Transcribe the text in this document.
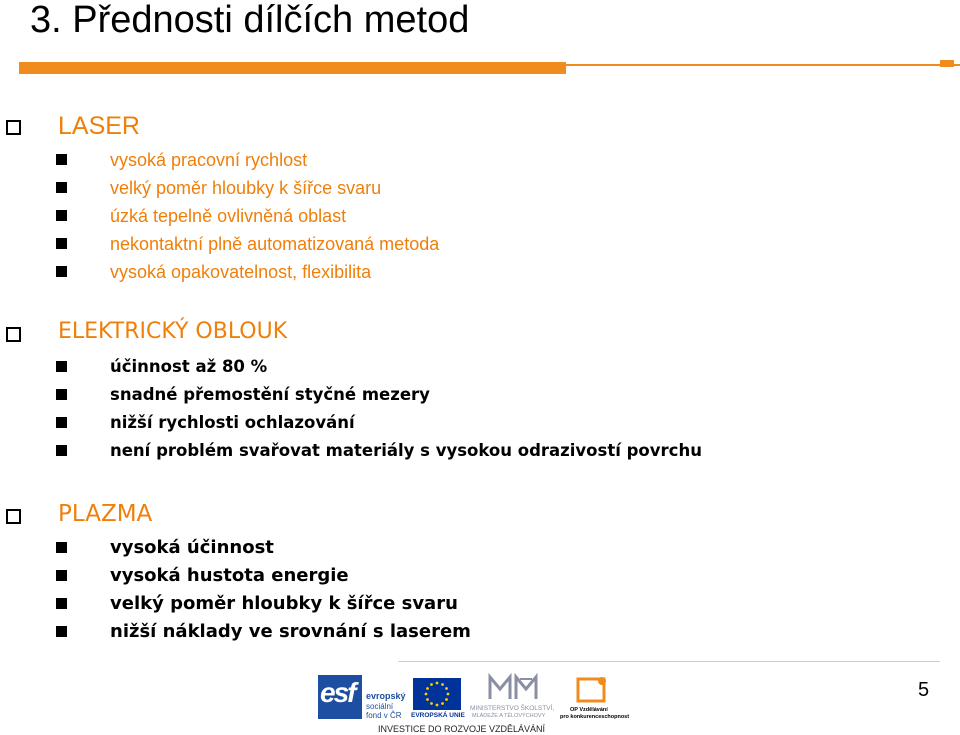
3. Přednosti dílčích metod
LASER
vysoká pracovní rychlost
velký poměr hloubky k šířce svaru
úzká tepelně ovlivněná oblast
nekontaktní plně automatizovaná metoda
vysoká opakovatelnost, flexibilita
ELEKTRICKÝ OBLOUK
účinnost až 80 %
snadné přemostění styčné mezery
nižší rychlosti ochlazování
není problém svařovat materiály s vysokou odrazivostí povrchu
PLAZMA
vysoká účinnost
vysoká hustota energie
velký poměr hloubky k šířce svaru
nižší náklady ve srovnání s laserem
5
esf evropský
sociální
fond v ČR EVROPSKÁ UNIE
MINISTERSTVO ŠKOLSTVÍ,
MLÁDEŽE A TĚLOVÝCHOVY
OP Vzdělávání
pro konkurenceschopnost
INVESTICE DO ROZVOJE VZDĚLÁVÁNÍ
